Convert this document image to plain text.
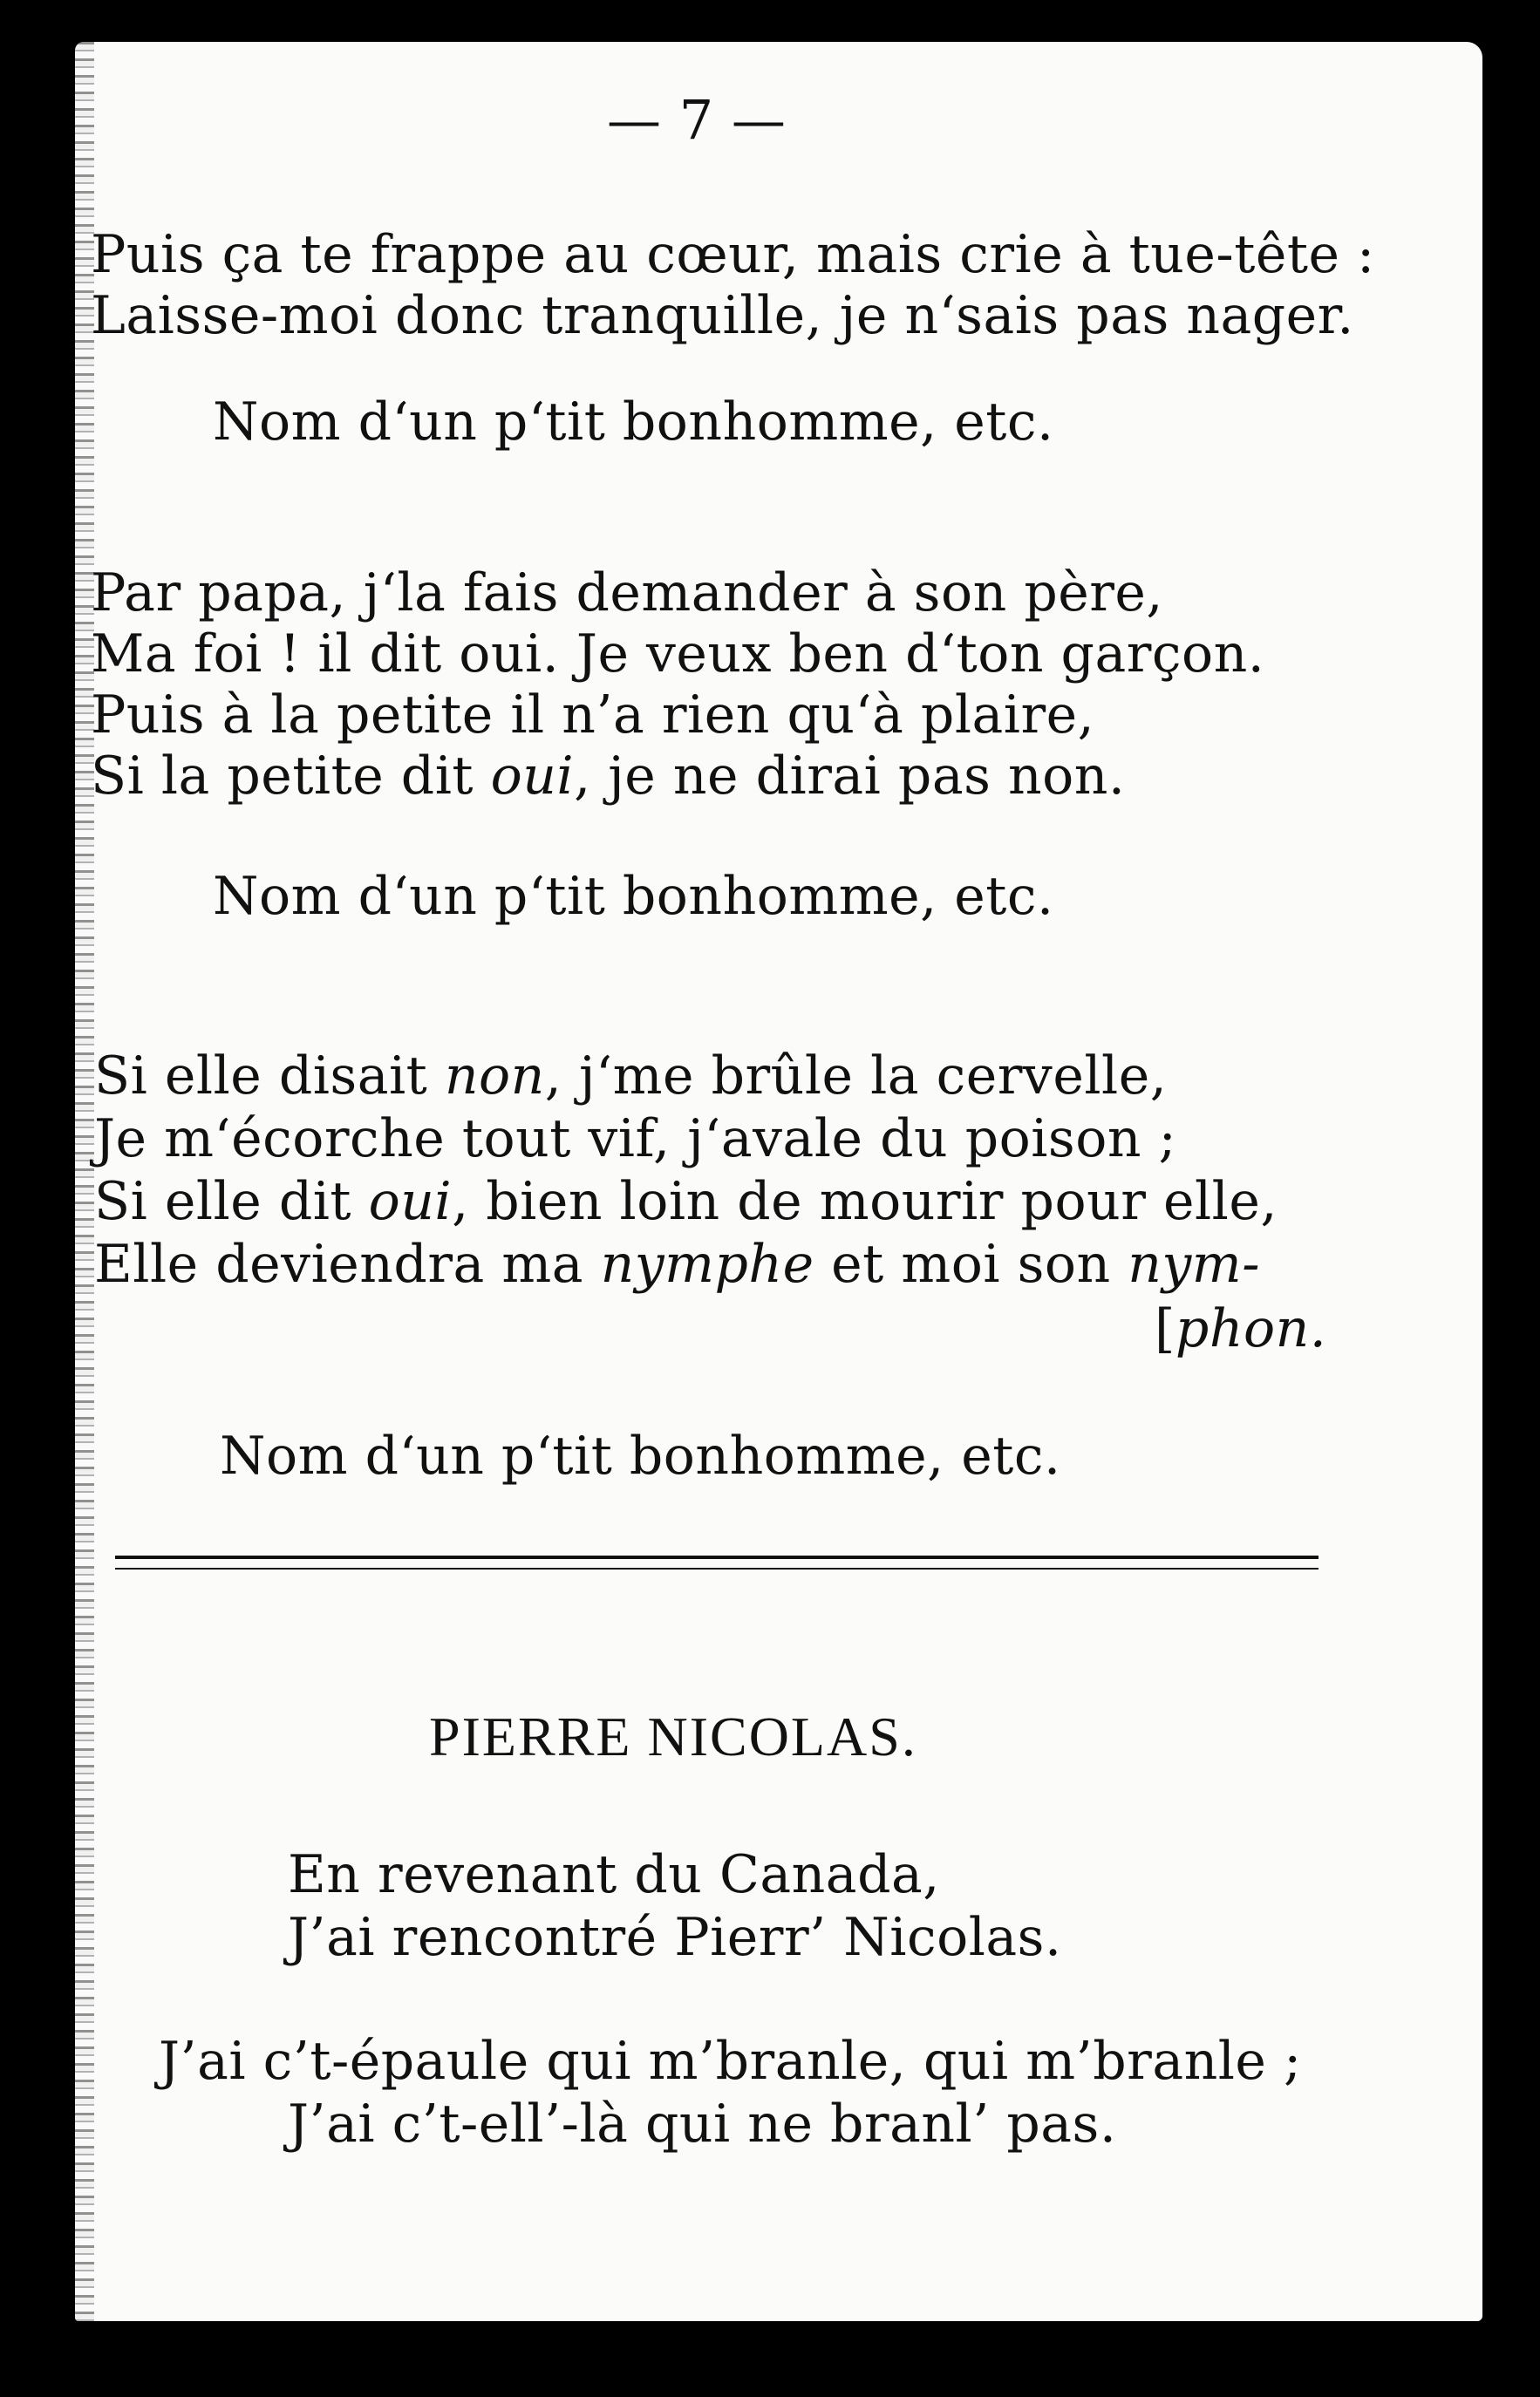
— 7 —
Puis ça te frappe au cœur, mais crie à tue-tête :
Laisse-moi donc tranquille, je n‘sais pas nager.
Nom d‘un p‘tit bonhomme, etc.
Par papa, j‘la fais demander à son père,
Ma foi ! il dit oui. Je veux ben d‘ton garçon.
Puis à la petite il n’a rien qu‘à plaire,
Si la petite dit oui, je ne dirai pas non.
Nom d‘un p‘tit bonhomme, etc.
Si elle disait non, j‘me brûle la cervelle,
Je m‘écorche tout vif, j‘avale du poison ;
Si elle dit oui, bien loin de mourir pour elle,
Elle deviendra ma nymphe et moi son nym-
[phon.
Nom d‘un p‘tit bonhomme, etc.
PIERRE NICOLAS.
En revenant du Canada,
J’ai rencontré Pierr’ Nicolas.
J’ai c’t-épaule qui m’branle, qui m’branle ;
J’ai c’t-ell’-là qui ne branl’ pas.
